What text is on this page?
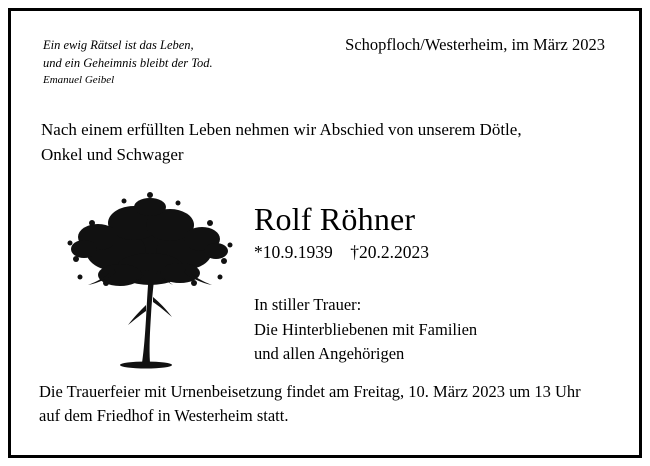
Ein ewig Rätsel ist das Leben,
und ein Geheimnis bleibt der Tod.
Emanuel Geibel
Schopfloch/Westerheim, im März 2023
Nach einem erfüllten Leben nehmen wir Abschied von unserem Dötle,
Onkel und Schwager
Rolf Röhner
*10.9.1939 †20.2.2023
In stiller Trauer:
Die Hinterbliebenen mit Familien
und allen Angehörigen
Die Trauerfeier mit Urnenbeisetzung findet am Freitag, 10. März 2023 um 13 Uhr
auf dem Friedhof in Westerheim statt.
